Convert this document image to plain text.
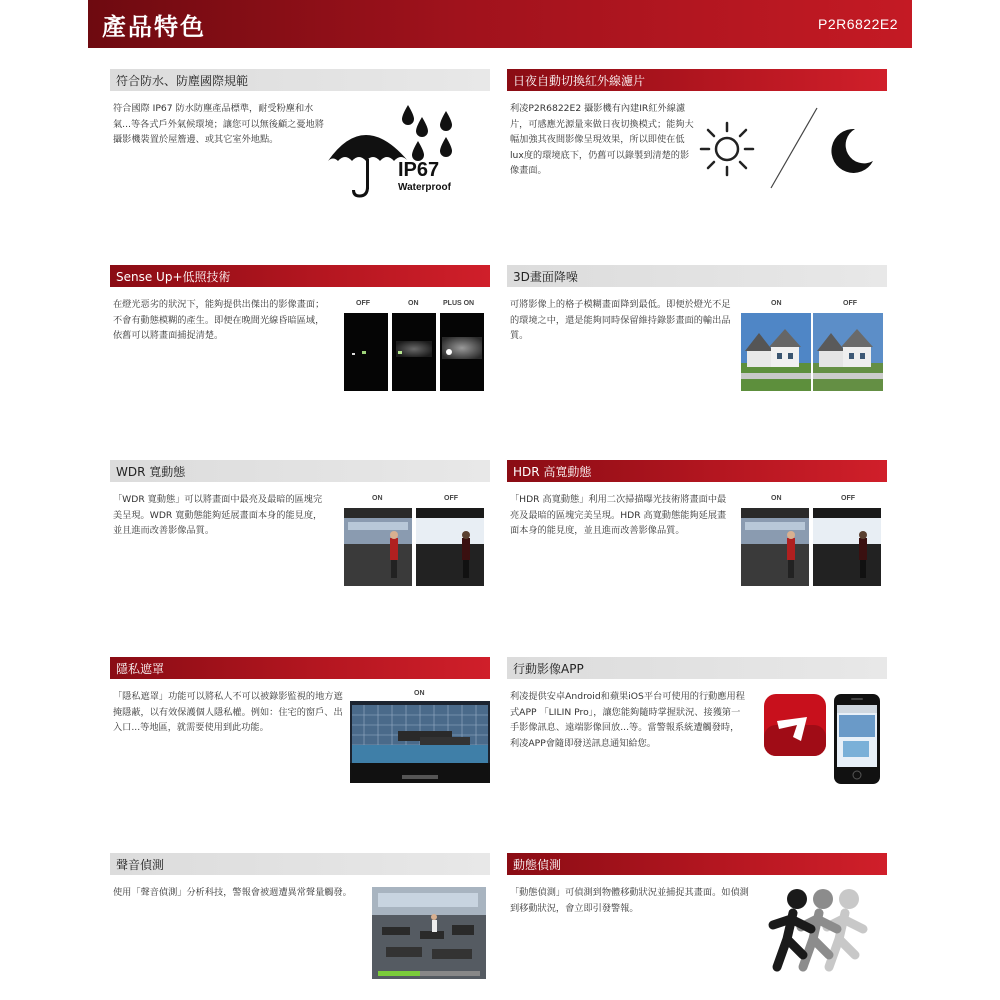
產品特色	P2R6822E2
符合防水、防塵國際規範
符合國際 IP67 防水防塵產品標準，耐受粉塵和水氣...等各式戶外氣候環境；讓您可以無後顧之憂地將攝影機裝置於屋簷邊、或其它室外地點。
IP67
Waterproof
日夜自動切換紅外線濾片
利凌P2R6822E2 攝影機有內建IR紅外線濾片，可感應光源量來做日夜切換模式；能夠大幅加強其夜間影像呈現效果，所以即使在低lux度的環境底下，仍舊可以錄製到清楚的影像畫面。
Sense Up+低照技術
在燈光惡劣的狀況下，能夠提供出傑出的影像畫面；不會有動態模糊的產生。即便在晚間光線昏暗區域，依舊可以將畫面捕捉清楚。
OFF	ON	PLUS ON
3D畫面降噪
可將影像上的格子模糊畫面降到最低。即便於燈光不足的環境之中，還是能夠同時保留維持錄影畫面的輸出品質。
ON	OFF
WDR 寬動態
「WDR 寬動態」可以將畫面中最亮及最暗的區塊完美呈現。WDR 寬動態能夠延展畫面本身的能見度，並且進而改善影像品質。
ON	OFF
HDR 高寬動態
「HDR 高寬動態」利用二次掃描曝光技術將畫面中最亮及最暗的區塊完美呈現。HDR 高寬動態能夠延展畫面本身的能見度，並且進而改善影像品質。
ON	OFF
隱私遮罩
「隱私遮罩」功能可以將私人不可以被錄影監視的地方遮掩隱蔽，以有效保護個人隱私權。例如：住宅的窗戶、出入口...等地區，就需要使用到此功能。
ON
行動影像APP
利凌提供安卓Android和蘋果iOS平台可使用的行動應用程式APP 「LILIN Pro」，讓您能夠隨時掌握狀況、接獲第一手影像訊息、遠端影像回放...等。當警報系統遭觸發時，利凌APP會隨即發送訊息通知給您。
聲音偵測
使用「聲音偵測」分析科技，警報會被週遭異常聲量觸發。
動態偵測
「動態偵測」可偵測到物體移動狀況並捕捉其畫面。如偵測到移動狀況，會立即引發警報。
